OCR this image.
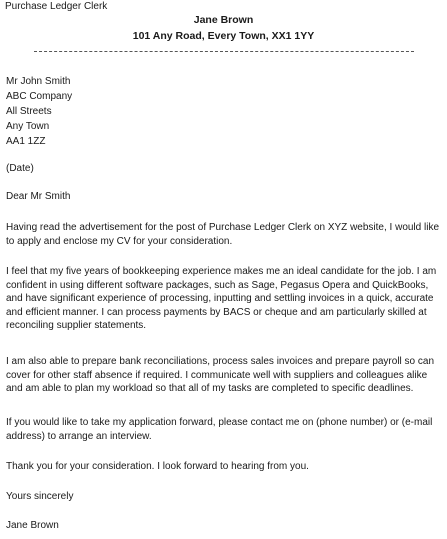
Purchase Ledger Clerk
Jane Brown
101 Any Road, Every Town, XX1 1YY
Mr John Smith
ABC Company
All Streets
Any Town
AA1 1ZZ
(Date)
Dear Mr Smith

Having read the advertisement for the post of Purchase Ledger Clerk on XYZ website, I would like to apply and enclose my CV for your consideration.

I feel that my five years of bookkeeping experience makes me an ideal candidate for the job. I am confident in using different software packages, such as Sage, Pegasus Opera and QuickBooks, and have significant experience of processing, inputting and settling invoices in a quick, accurate and efficient manner. I can process payments by BACS or cheque and am particularly skilled at reconciling supplier statements.

I am also able to prepare bank reconciliations, process sales invoices and prepare payroll so can cover for other staff absence if required. I communicate well with suppliers and colleagues alike and am able to plan my workload so that all of my tasks are completed to specific deadlines.

If you would like to take my application forward, please contact me on (phone number) or (e-mail address) to arrange an interview.

Thank you for your consideration. I look forward to hearing from you.

Yours sincerely
Jane Brown
